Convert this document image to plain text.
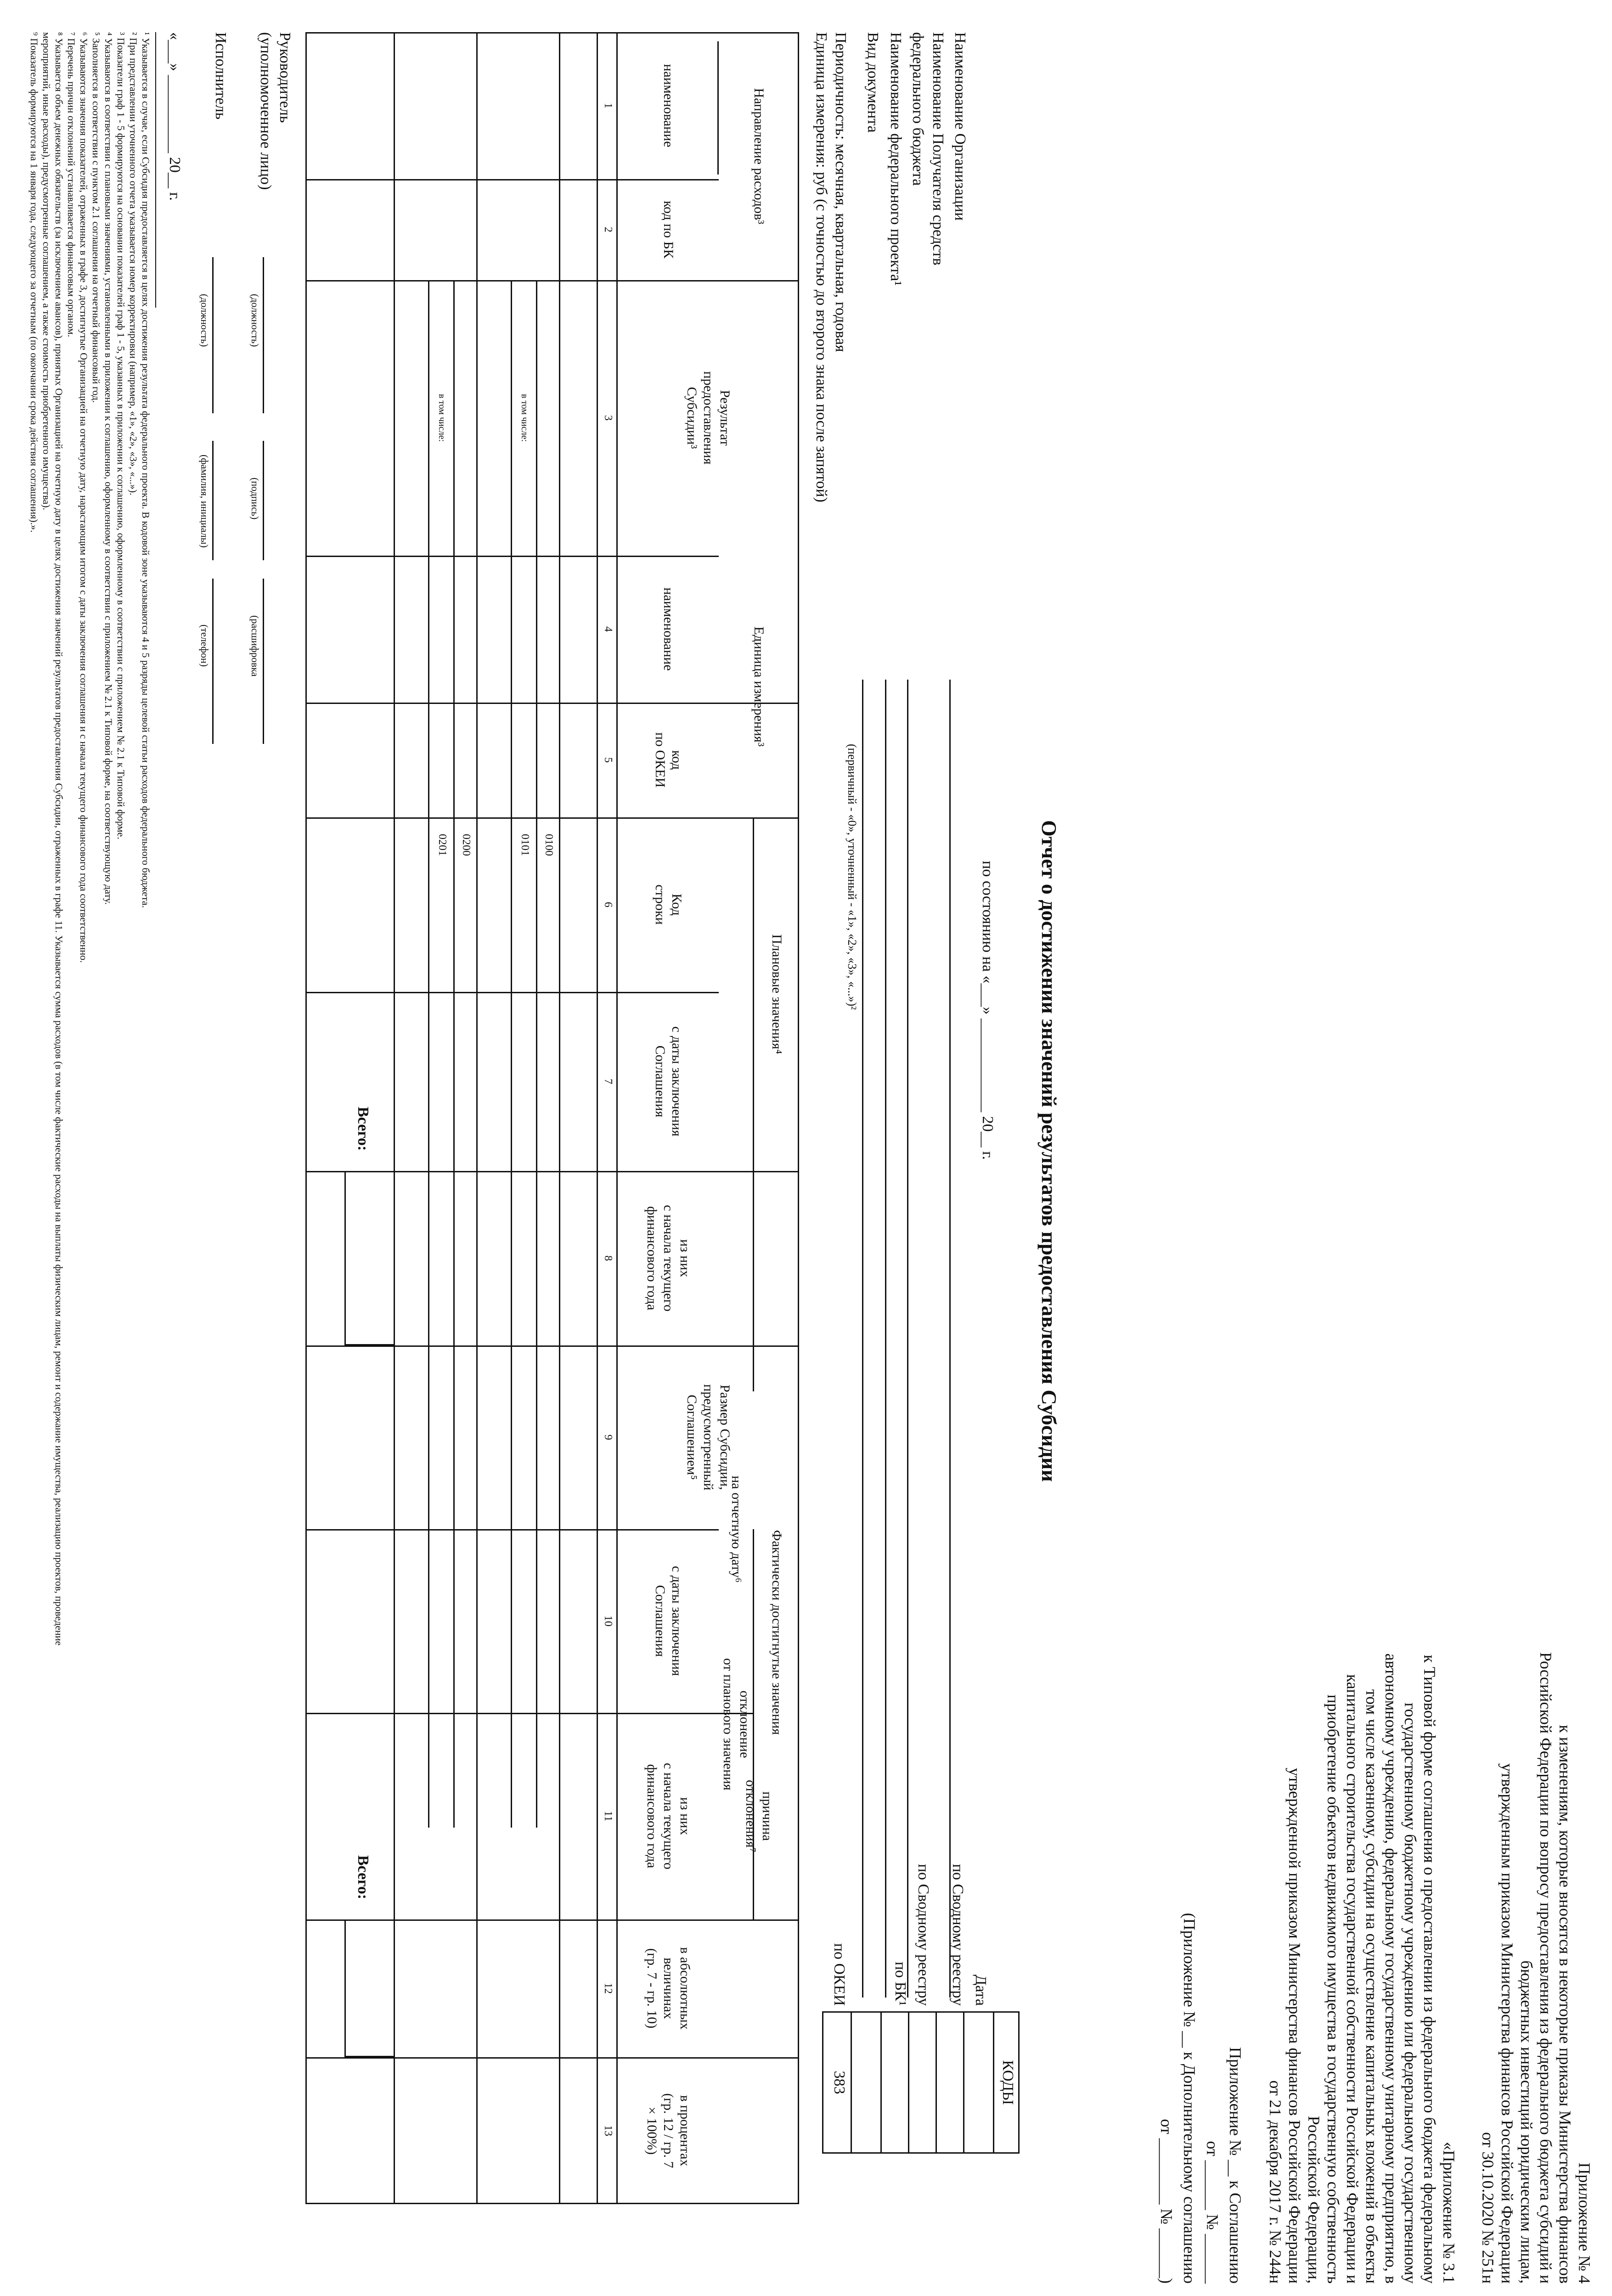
Приложение № 4
к изменениям, которые вносятся в некоторые приказы Министерства финансов
Российской Федерации по вопросу предоставления из федерального бюджета субсидий и
бюджетных инвестиций юридическим лицам,
утвержденным приказом Министерства финансов Российской Федерации
от 30.10.2020 № 251н
«Приложение № 3.1
к Типовой форме соглашения о предоставлении из федерального бюджета федеральному
государственному бюджетному учреждению или федеральному государственному
автономному учреждению, федеральному государственному унитарному предприятию, в
том числе казенному, субсидии на осуществление капитальных вложений в объекты
капитального строительства государственной собственности Российской Федерации и
приобретение объектов недвижимого имущества в государственную собственность
Российской Федерации,
утвержденной приказом Министерства финансов Российской Федерации
от 21 декабря 2017 г. № 244н
Приложение № __ к Соглашению
от ______ № ______
(Приложение № __ к Дополнительному соглашению
от ________ № ______)
Отчет о достижении значений результатов предоставления Субсидии
по состоянию на «___» ____________ 20__ г.
КОДЫ
Дата
по Сводному реестру
по Сводному реестру
по БК¹
по ОКЕИ
383
Наименование Организации
Наименование Получателя средств
федерального бюджета
Наименование федерального проекта¹
Вид документа
(первичный - «0», уточненный - «1», «2», «3», «...»)²
Периодичность: месячная, квартальная, годовая
Единица измерения: руб (с точностью до второго знака после запятой)
Направление расходов³
Единица измерения³
Плановые значения⁴
Фактически достигнутые значения
на отчетную дату⁶
отклонение
от планового значения
причина
отклонения⁷
наименование
код по БК
Результат
предоставления
Субсидии³
наименование
код
по ОКЕИ
Код
строки
с даты заключения
Соглашения
из них
с начала текущего
финансового года
Размер Субсидии,
предусмотренный
Соглашением⁵
с даты заключения
Соглашения
из них
с начала текущего
финансового года
в абсолютных
величинах
(гр. 7 - гр. 10)
в процентах
(гр. 12 / гр. 7
× 100%)
1
2
3
4
5
6
7
8
9
10
11
12
13
0100
в том числе:
0101
0200
в том числе:
0201
Всего:
Всего:
Руководитель
(уполномоченное лицо)
(должность)
(подпись)
(расшифровка
Исполнитель
(должность)
(фамилия, инициалы)
(телефон)
«___» __________ 20__ г.
¹ Указывается в случае, если Субсидия предоставляется в целях достижения результата федерального проекта. В кодовой зоне указываются 4 и 5 разряды целевой статьи расходов федерального бюджета.
² При представлении уточненного отчета указывается номер корректировки (например, «1», «2», «3», «...»).
³ Показатели граф 1 - 5 формируются на основании показателей граф 1 - 5, указанных в приложении к соглашению, оформленному в соответствии с приложением № 2.1 к Типовой форме.
⁴ Указываются в соответствии с плановыми значениями, установленными в приложении к соглашению, оформленному в соответствии с приложением № 2.1 к Типовой форме, на соответствующую дату.
⁵ Заполняется в соответствии с пунктом 2.1 соглашения на отчетный финансовый год.
⁶ Указываются значения показателей, отраженных в графе 3, достигнутые Организацией на отчетную дату, нарастающим итогом с даты заключения соглашения и с начала текущего финансового года соответственно.
⁷ Перечень причин отклонений устанавливается финансовым органом.
⁸ Указывается объем денежных обязательств (за исключением авансов), принятых Организацией на отчетную дату в целях достижения значений результатов предоставления Субсидии, отраженных в графе 11. Указывается сумма расходов (в том числе фактические расходы на выплаты физическим лицам, ремонт и содержание имущества, реализацию проектов, проведение
мероприятий, иные расходы), предусмотренные соглашением, а также стоимость приобретенного имущества).
⁹ Показатель формируются на 1 января года, следующего за отчетным (по окончании срока действия соглашения).».
